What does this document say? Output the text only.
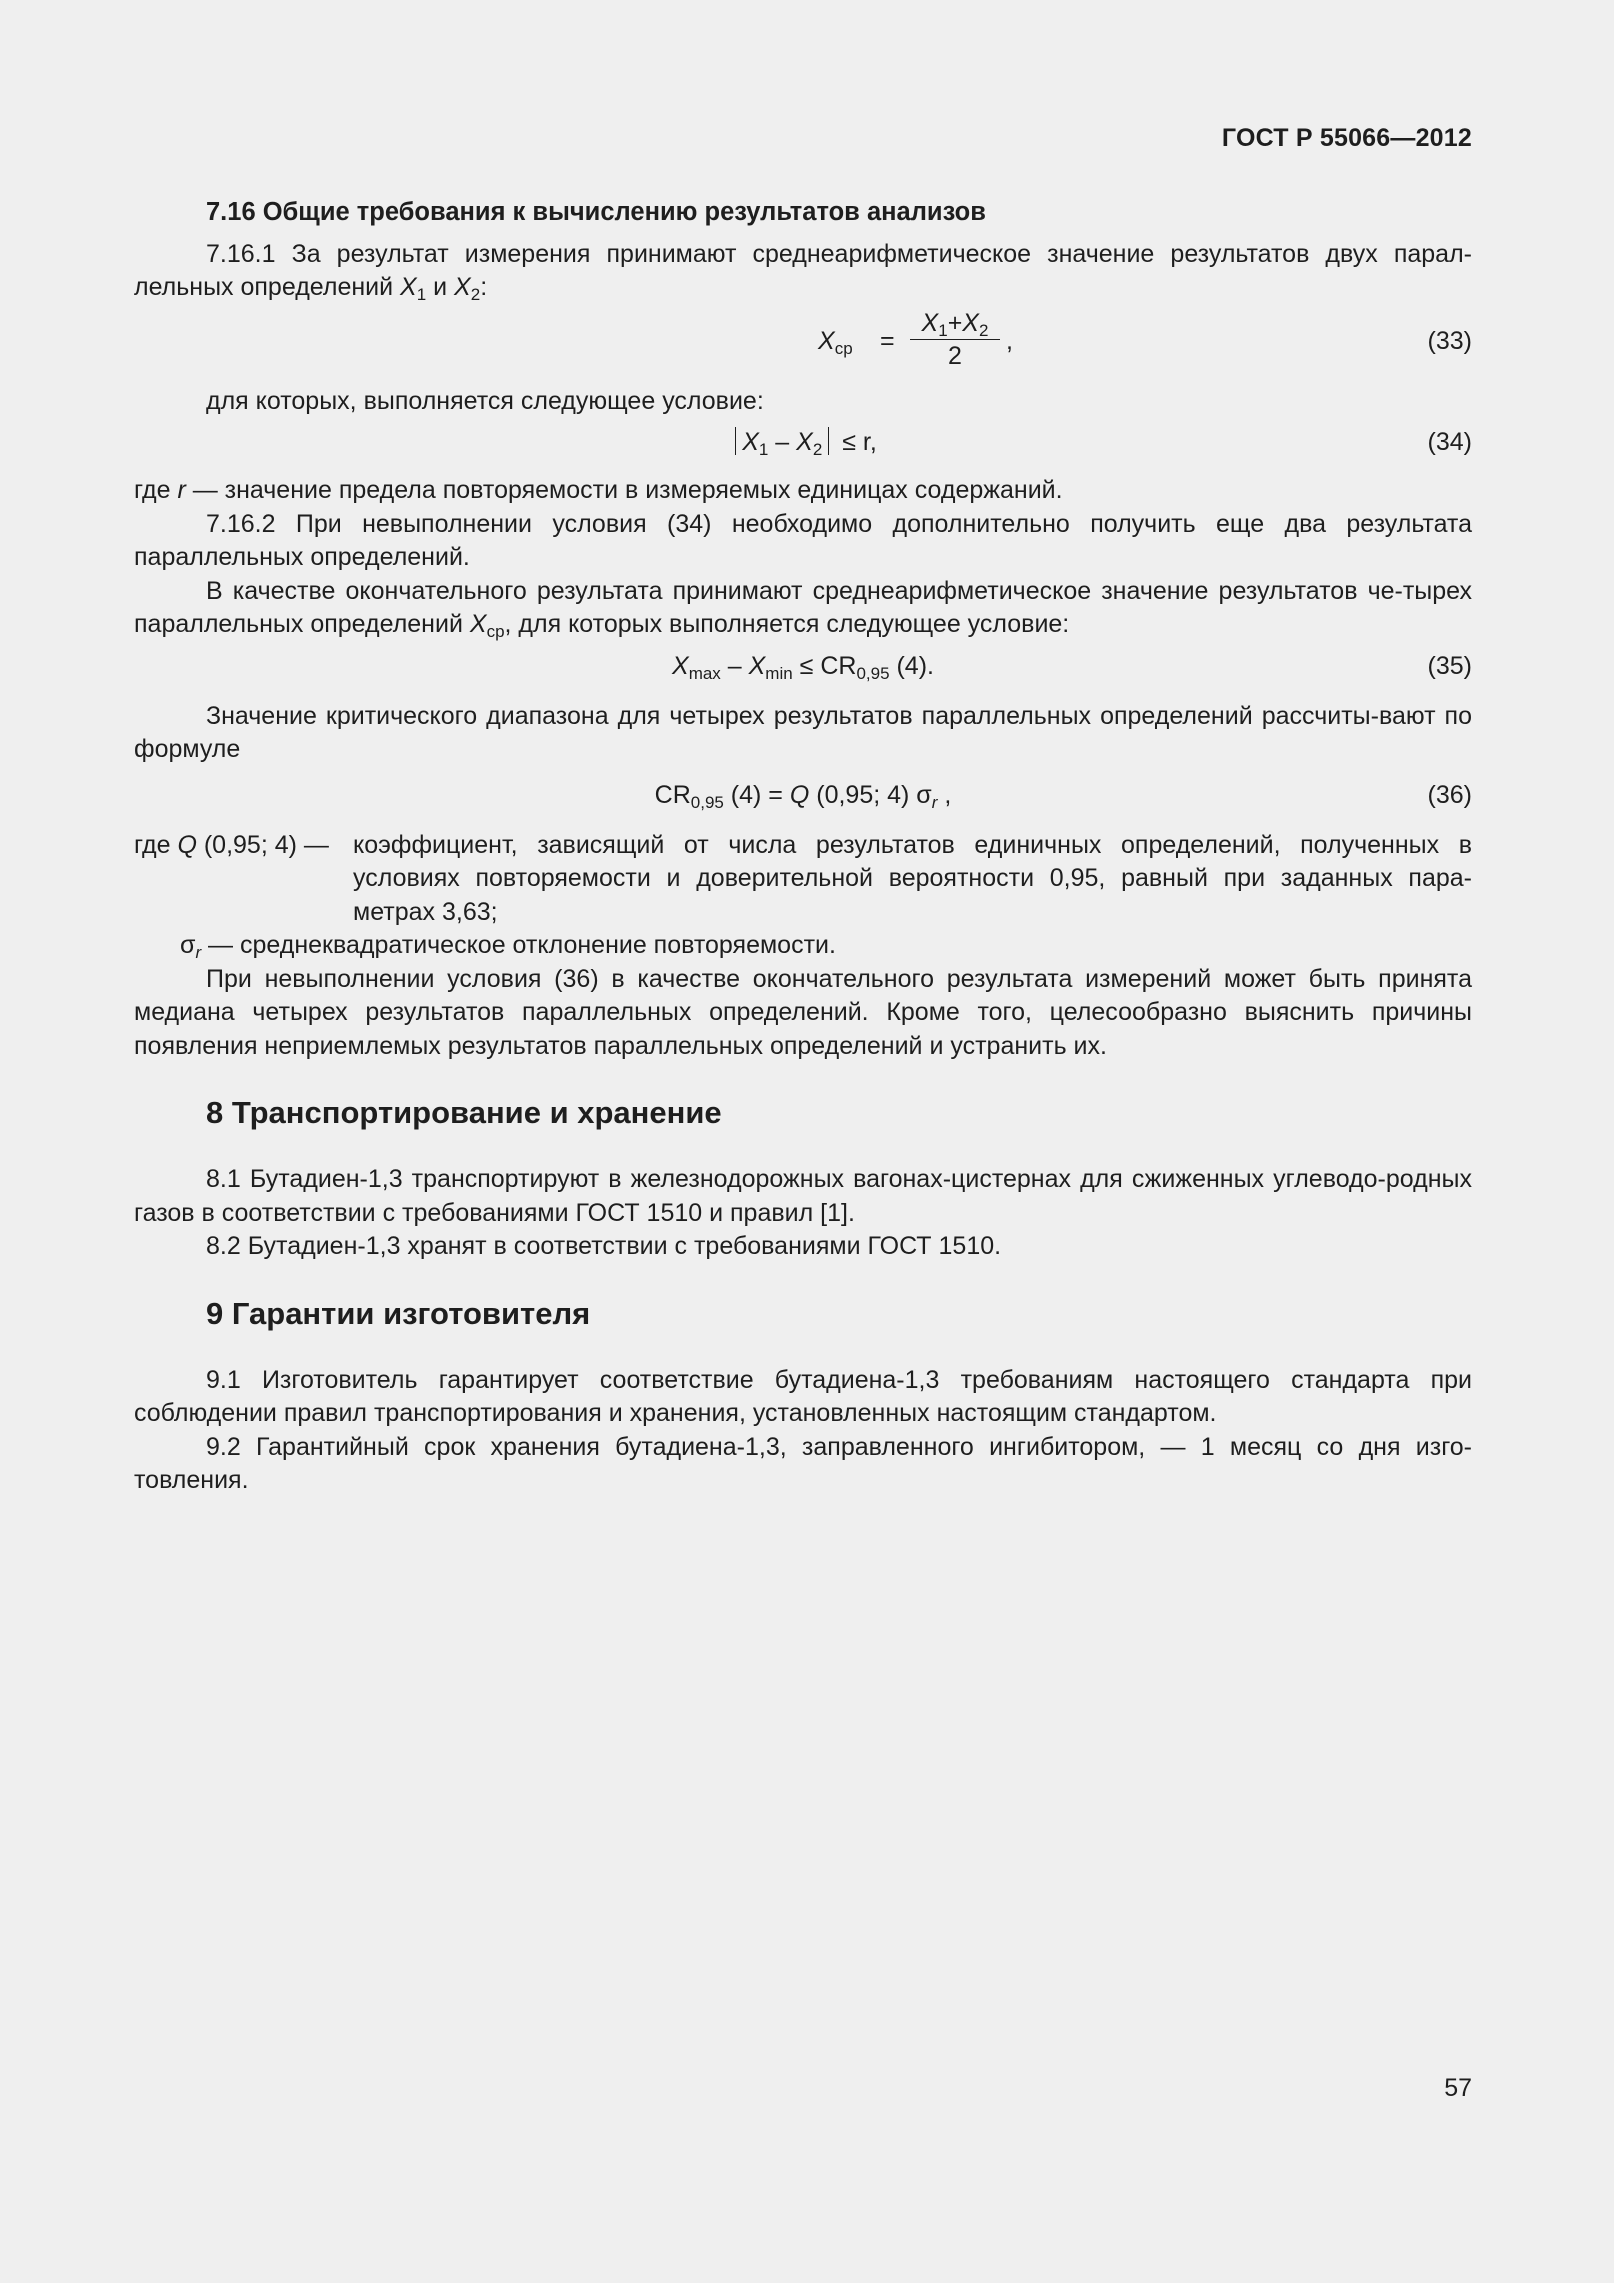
ГОСТ Р 55066—2012
7.16 Общие требования к вычислению результатов анализов

7.16.1 За результат измерения принимают среднеарифметическое значение результатов двух парал-лельных определений $X_1$ и $X_2$:

$X_{ср} = \frac{X_1+X_2}{2}$ ,	(33)

для которых, выполняется следующее условие:

$X_1 - X_2 \le r$,	(34)

где r — значение предела повторяемости в измеряемых единицах содержаний.

7.16.2 При невыполнении условия (34) необходимо дополнительно получить еще два результата параллельных определений.

В качестве окончательного результата принимают среднеарифметическое значение результатов че-тырех параллельных определений $X_{ср}$, для которых выполняется следующее условие:

$X_{max} - X_{min} \le CR_{0,95}$ (4).	(35)

Значение критического диапазона для четырех результатов параллельных определений рассчиты-вают по формуле

$CR_{0,95}$ (4) = Q (0,95; 4) $\sigma_r$ ,	(36)
где Q (0,95; 4) — коэффициент, зависящий от числа результатов единичных определений, полученных в условиях повторяемости и доверительной вероятности 0,95, равный при заданных пара-метрах 3,63;

$\sigma_r$ — среднеквадратическое отклонение повторяемости.

При невыполнении условия (36) в качестве окончательного результата измерений может быть принята медиана четырех результатов параллельных определений. Кроме того, целесообразно выяснить причины появления неприемлемых результатов параллельных определений и устранить их.

8 Транспортирование и хранение

8.1 Бутадиен-1,3 транспортируют в железнодорожных вагонах-цистернах для сжиженных углеводо-родных газов в соответствии с требованиями ГОСТ 1510 и правил [1].

8.2 Бутадиен-1,3 хранят в соответствии с требованиями ГОСТ 1510.

9 Гарантии изготовителя

9.1 Изготовитель гарантирует соответствие бутадиена-1,3 требованиям настоящего стандарта при соблюдении правил транспортирования и хранения, установленных настоящим стандартом.

9.2 Гарантийный срок хранения бутадиена-1,3, заправленного ингибитором, — 1 месяц со дня изго-товления.

57
